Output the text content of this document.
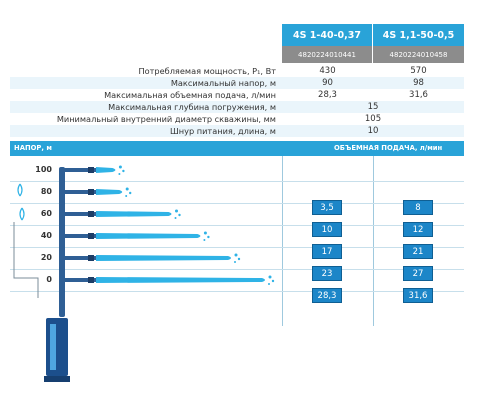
4S 1-40-0,37	4S 1,1-50-0,5
4820224010441	4820224010458
Потребляемая мощность, P₁, Вт	430	570
Максимальный напор, м	90	98
Максимальная объемная подача, л/мин	28,3	31,6
Максимальная глубина погружения, м	15
Минимальный внутренний диаметр скважины, мм	105
Шнур питания, длина, м	10
НАПОР, м	ОБЪЕМНАЯ ПОДАЧА, л/мин
100
80
3,5	8
60
10	12
40
17	21
20
23	27
0
28,3	31,6
